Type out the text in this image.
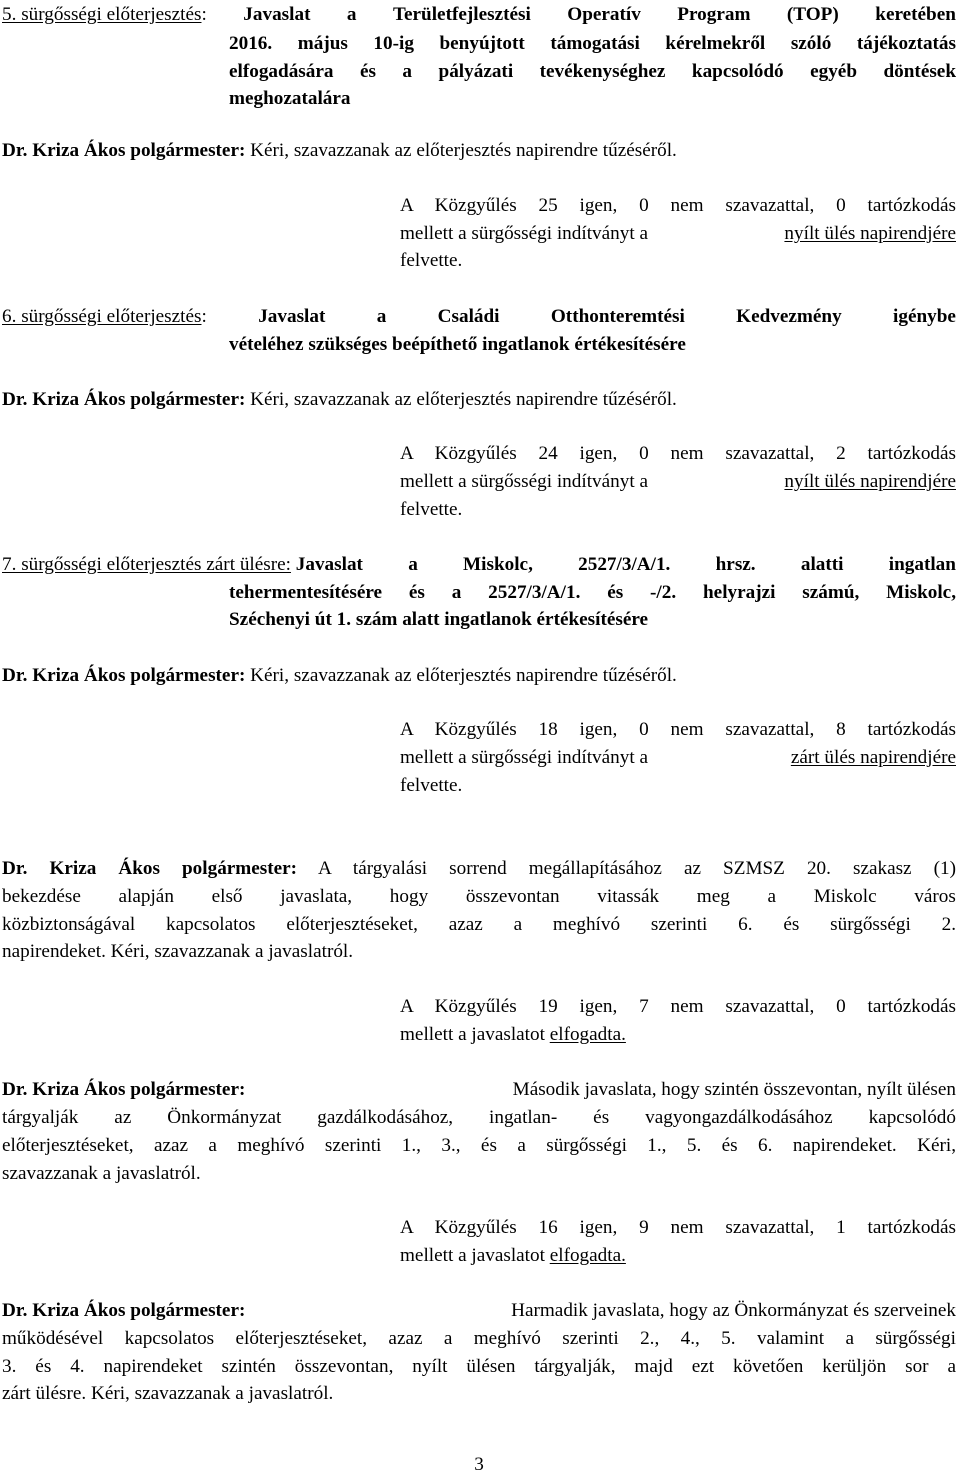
5. sürgősségi előterjesztés: Javaslat a Területfejlesztési Operatív Program (TOP) keretében
2016. május 10-ig benyújtott támogatási kérelmekről szóló tájékoztatás
elfogadására és a pályázati tevékenységhez kapcsolódó egyéb döntések
meghozatalára
Dr. Kriza Ákos polgármester: Kéri, szavazzanak az előterjesztés napirendre tűzéséről.
A Közgyűlés 25 igen, 0 nem szavazattal, 0 tartózkodás
mellett a sürgősségi indítványt a	nyílt ülés napirendjére
felvette.
6. sürgősségi előterjesztés:	Javaslat	a	Családi	Otthonteremtési	Kedvezmény	igénybe
vételéhez szükséges beépíthető ingatlanok értékesítésére
Dr. Kriza Ákos polgármester: Kéri, szavazzanak az előterjesztés napirendre tűzéséről.
A Közgyűlés 24 igen, 0 nem szavazattal, 2 tartózkodás
mellett a sürgősségi indítványt a	nyílt ülés napirendjére
felvette.
7. sürgősségi előterjesztés zárt ülésre: Javaslat a Miskolc, 2527/3/A/1. hrsz. alatti ingatlan
tehermentesítésére és a 2527/3/A/1. és -/2. helyrajzi számú, Miskolc,
Széchenyi út 1. szám alatt ingatlanok értékesítésére
Dr. Kriza Ákos polgármester: Kéri, szavazzanak az előterjesztés napirendre tűzéséről.
A Közgyűlés 18 igen, 0 nem szavazattal, 8 tartózkodás
mellett a sürgősségi indítványt a	zárt ülés napirendjére
felvette.
Dr. Kriza Ákos polgármester: A tárgyalási sorrend megállapításához az SZMSZ 20. szakasz (1)
bekezdése alapján első javaslata, hogy összevontan vitassák meg a Miskolc város
közbiztonságával kapcsolatos előterjesztéseket, azaz a meghívó szerinti 6. és sürgősségi 2.
napirendeket. Kéri, szavazzanak a javaslatról.
A Közgyűlés 19 igen, 7 nem szavazattal, 0 tartózkodás
mellett a javaslatot elfogadta.
Dr. Kriza Ákos polgármester:	Második javaslata, hogy szintén összevontan, nyílt ülésen
tárgyalják az Önkormányzat gazdálkodásához, ingatlan- és vagyongazdálkodásához kapcsolódó
előterjesztéseket, azaz a meghívó szerinti 1., 3., és a sürgősségi 1., 5. és 6. napirendeket. Kéri,
szavazzanak a javaslatról.
A Közgyűlés 16 igen, 9 nem szavazattal, 1 tartózkodás
mellett a javaslatot elfogadta.
Dr. Kriza Ákos polgármester:	Harmadik javaslata, hogy az Önkormányzat és szerveinek
működésével kapcsolatos előterjesztéseket, azaz a meghívó szerinti 2., 4., 5. valamint a sürgősségi
3. és 4. napirendeket szintén összevontan, nyílt ülésen tárgyalják, majd ezt követően kerüljön sor a
zárt ülésre. Kéri, szavazzanak a javaslatról.
3
